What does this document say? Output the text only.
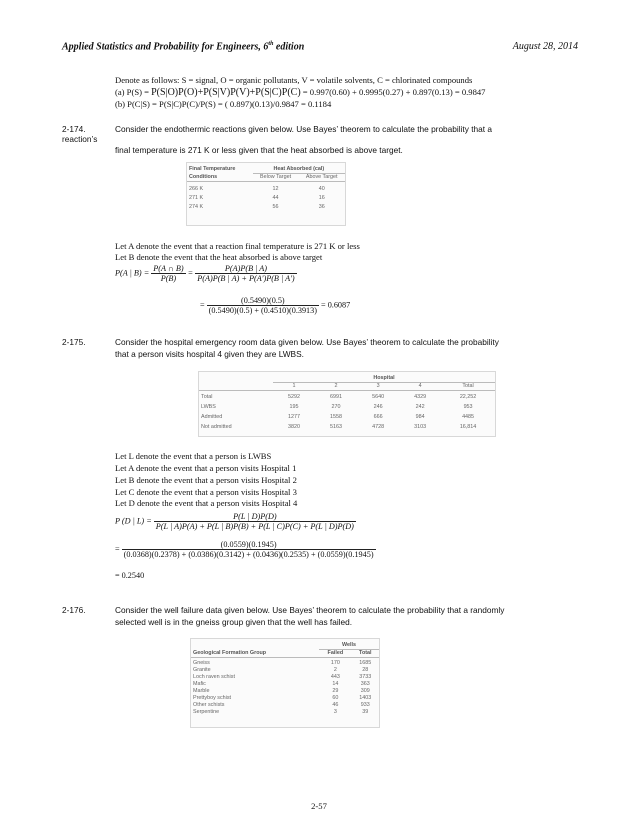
Applied Statistics and Probability for Engineers, 6th edition	August 28, 2014
Denote as follows: S = signal, O = organic pollutants, V = volatile solvents, C = chlorinated compounds
(a) P(S) = P(S|O)P(O)+P(S|V)P(V)+P(S|C)P(C) = 0.997(0.60) + 0.9995(0.27) + 0.897(0.13) = 0.9847
(b) P(C|S) = P(S|C)P(C)/P(S) = ( 0.897)(0.13)/0.9847 = 0.1184
2-174.	Consider the endothermic reactions given below. Use Bayes’ theorem to calculate the probability that a
reaction’s
final temperature is 271 K or less given that the heat absorbed is above target.
Final Temperature	Heat Absorbed (cal)	
Conditions	Below Target	Above Target
266 K	12	40
271 K	44	16
274 K	56	36
Let A denote the event that a reaction final temperature is 271 K or less
Let B denote the event that the heat absorbed is above target
P(A | $B) = \frac{P(A \cap B)}{P(B)} = \frac{P(A)P(B | A)}{P(A)P(B | A) + P(A')P(B | A')}$
= $\frac{(0.5490)(0.5)}{(0.5490)(0.5) + (0.4510)(0.3913)} = 0.6087$
2-175.	Consider the hospital emergency room data given below. Use Bayes’ theorem to calculate the probability
that a person visits hospital 4 given they are LWBS.
	Hospital				
	1	2	3	4	Total
Total	5292	6991	5640	4329	22,252
LWBS	195	270	246	242	953
Admitted	1277	1558	666	984	4485
Not admitted	3820	5163	4728	3103	16,814
Let L denote the event that a person is LWBS
Let A denote the event that a person visits Hospital 1
Let B denote the event that a person visits Hospital 2
Let C denote the event that a person visits Hospital 3
Let D denote the event that a person visits Hospital 4
P (D | $L) = \frac{P(L | D)P(D)}{P(L | A)P(A) + P(L | B)P(B) + P(L | C)P(C) + P(L | D)P(D)}$
=	(0.0559)(0.1945)
(0.0368)(0.2378) + (0.0386)(0.3142) + (0.0436)(0.2535) + (0.0559)(0.1945)
= 0.2540
2-176.	Consider the well failure data given below. Use Bayes’ theorem to calculate the probability that a randomly
selected well is in the gneiss group given that the well has failed.
	Wells	
Geological Formation Group	Failed	Total
Gneiss	170	1685
Granite	2	28
Loch raven schist	443	3733
Mafic	14	363
Marble	29	309
Prettyboy schist	60	1403
Other schists	46	933
Serpentine	3	39
2-57
